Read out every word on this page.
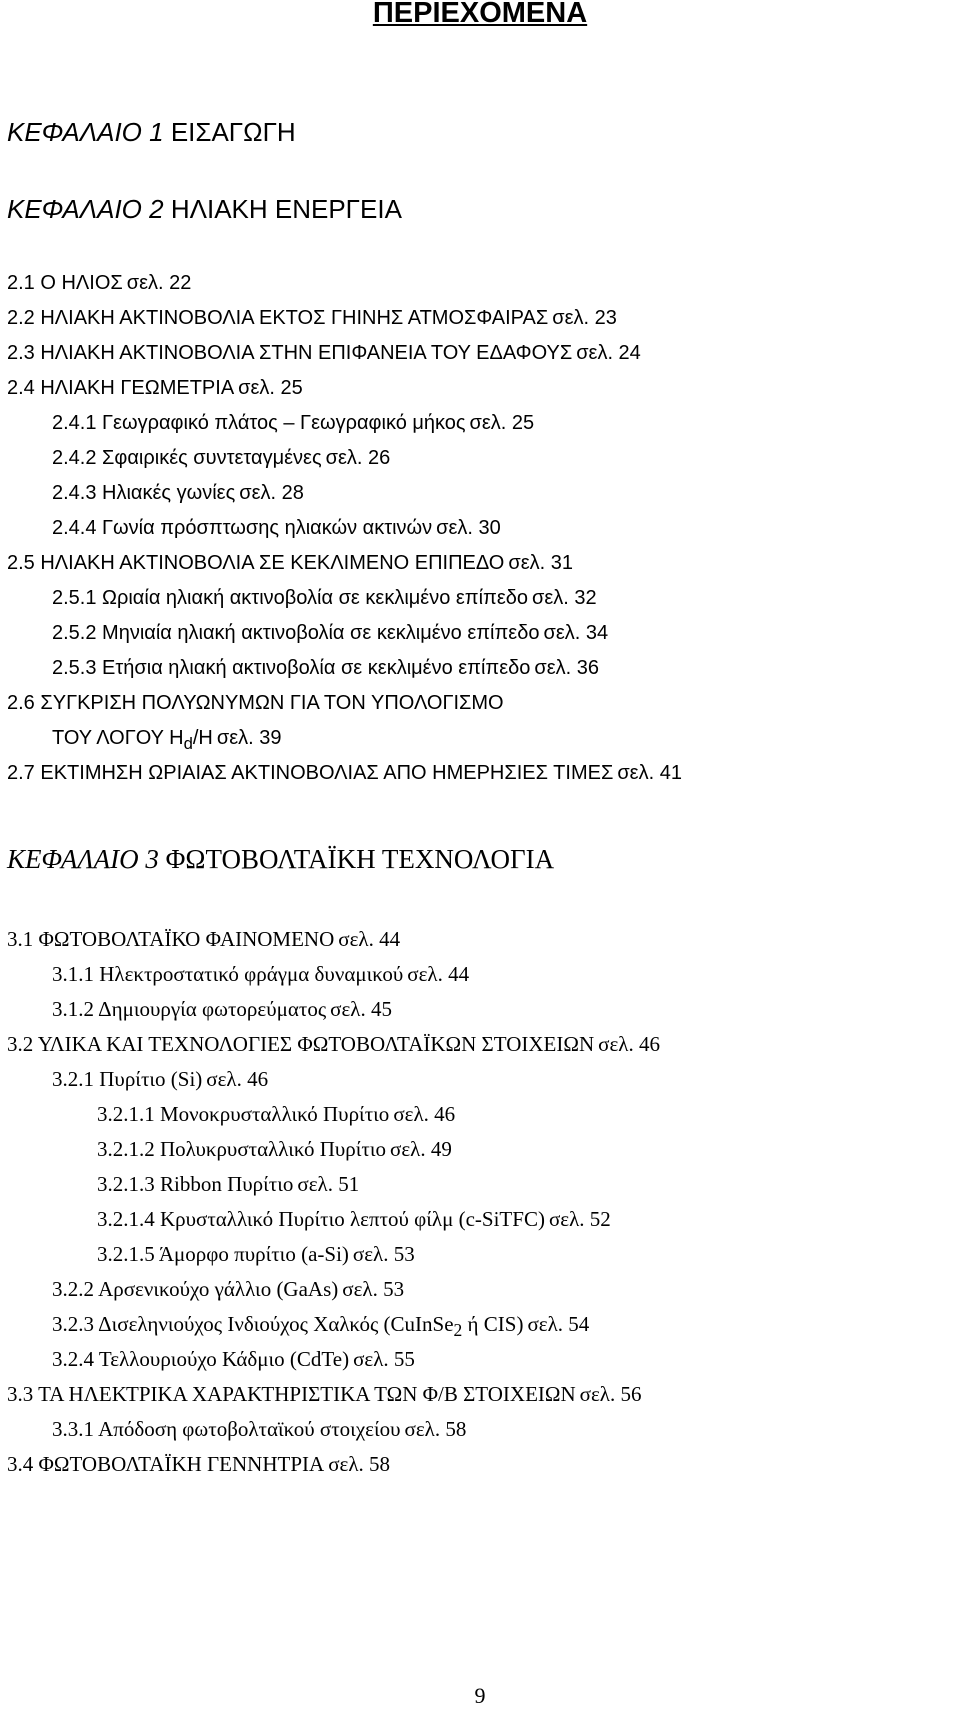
ΠΕΡΙΕΧΟΜΕΝΑ
ΚΕΦΑΛΑΙΟ 1 ΕΙΣΑΓΩΓΗ
ΚΕΦΑΛΑΙΟ 2 ΗΛΙΑΚΗ ΕΝΕΡΓΕΙΑ
ΚΕΦΑΛΑΙΟ 3 ΦΩΤΟΒΟΛΤΑΪΚΗ ΤΕΧΝΟΛΟΓΙΑ
2.1 Ο ΗΛΙΟΣ σελ. 22
2.2 ΗΛΙΑΚΗ ΑΚΤΙΝΟΒΟΛΙΑ ΕΚΤΟΣ ΓΗΙΝΗΣ ΑΤΜΟΣΦΑΙΡΑΣ σελ. 23
2.3 ΗΛΙΑΚΗ ΑΚΤΙΝΟΒΟΛΙΑ ΣΤΗΝ ΕΠΙΦΑΝΕΙΑ ΤΟΥ ΕΔΑΦΟΥΣ σελ. 24
2.4 ΗΛΙΑΚΗ ΓΕΩΜΕΤΡΙΑ σελ. 25
2.4.1 Γεωγραφικό πλάτος – Γεωγραφικό μήκος σελ. 25
2.4.2 Σφαιρικές συντεταγμένες σελ. 26
2.4.3 Ηλιακές γωνίες σελ. 28
2.4.4 Γωνία πρόσπτωσης ηλιακών ακτινών σελ. 30
2.5 ΗΛΙΑΚΗ ΑΚΤΙΝΟΒΟΛΙΑ ΣΕ ΚΕΚΛΙΜΕΝΟ ΕΠΙΠΕΔΟ σελ. 31
2.5.1 Ωριαία ηλιακή ακτινοβολία σε κεκλιμένο επίπεδο σελ. 32
2.5.2 Μηνιαία ηλιακή ακτινοβολία σε κεκλιμένο επίπεδο σελ. 34
2.5.3 Ετήσια ηλιακή ακτινοβολία σε κεκλιμένο επίπεδο σελ. 36
2.6 ΣΥΓΚΡΙΣΗ ΠΟΛΥΩΝΥΜΩΝ ΓΙΑ ΤΟΝ ΥΠΟΛΟΓΙΣΜΟ
ΤΟΥ ΛΟΓΟΥ $H_d/H$ σελ. 39
2.7 ΕΚΤΙΜΗΣΗ ΩΡΙΑΙΑΣ ΑΚΤΙΝΟΒΟΛΙΑΣ ΑΠΟ ΗΜΕΡΗΣΙΕΣ ΤΙΜΕΣ σελ. 41
3.1 ΦΩΤΟΒΟΛΤΑΪΚΟ ΦΑΙΝΟΜΕΝΟ σελ. 44
3.1.1 Ηλεκτροστατικό φράγμα δυναμικού σελ. 44
3.1.2 Δημιουργία φωτορεύματος σελ. 45
3.2 ΥΛΙΚΑ ΚΑΙ ΤΕΧΝΟΛΟΓΙΕΣ ΦΩΤΟΒΟΛΤΑΪΚΩΝ ΣΤΟΙΧΕΙΩΝ σελ. 46
3.2.1 Πυρίτιο (Si) σελ. 46
3.2.1.1 Μονοκρυσταλλικό Πυρίτιο σελ. 46
3.2.1.2 Πολυκρυσταλλικό Πυρίτιο σελ. 49
3.2.1.3 Ribbon Πυρίτιο σελ. 51
3.2.1.4 Κρυσταλλικό Πυρίτιο λεπτού φίλμ (c-SiTFC) σελ. 52
3.2.1.5 Άμορφο πυρίτιο (a-Si) σελ. 53
3.2.2 Αρσενικούχο γάλλιο (GaAs) σελ. 53
3.2.3 Δισεληνιούχος Ινδιούχος Χαλκός (CuInSe$_2$ ή CIS) σελ. 54
3.2.4 Τελλουριούχο Κάδμιο (CdTe) σελ. 55
3.3 ΤΑ ΗΛΕΚΤΡΙΚΑ ΧΑΡΑΚΤΗΡΙΣΤΙΚΑ ΤΩΝ Φ/Β ΣΤΟΙΧΕΙΩΝ σελ. 56
3.3.1 Απόδοση φωτοβολταϊκού στοιχείου σελ. 58
3.4 ΦΩΤΟΒΟΛΤΑΪΚΗ ΓΕΝΝΗΤΡΙΑ σελ. 58
9
